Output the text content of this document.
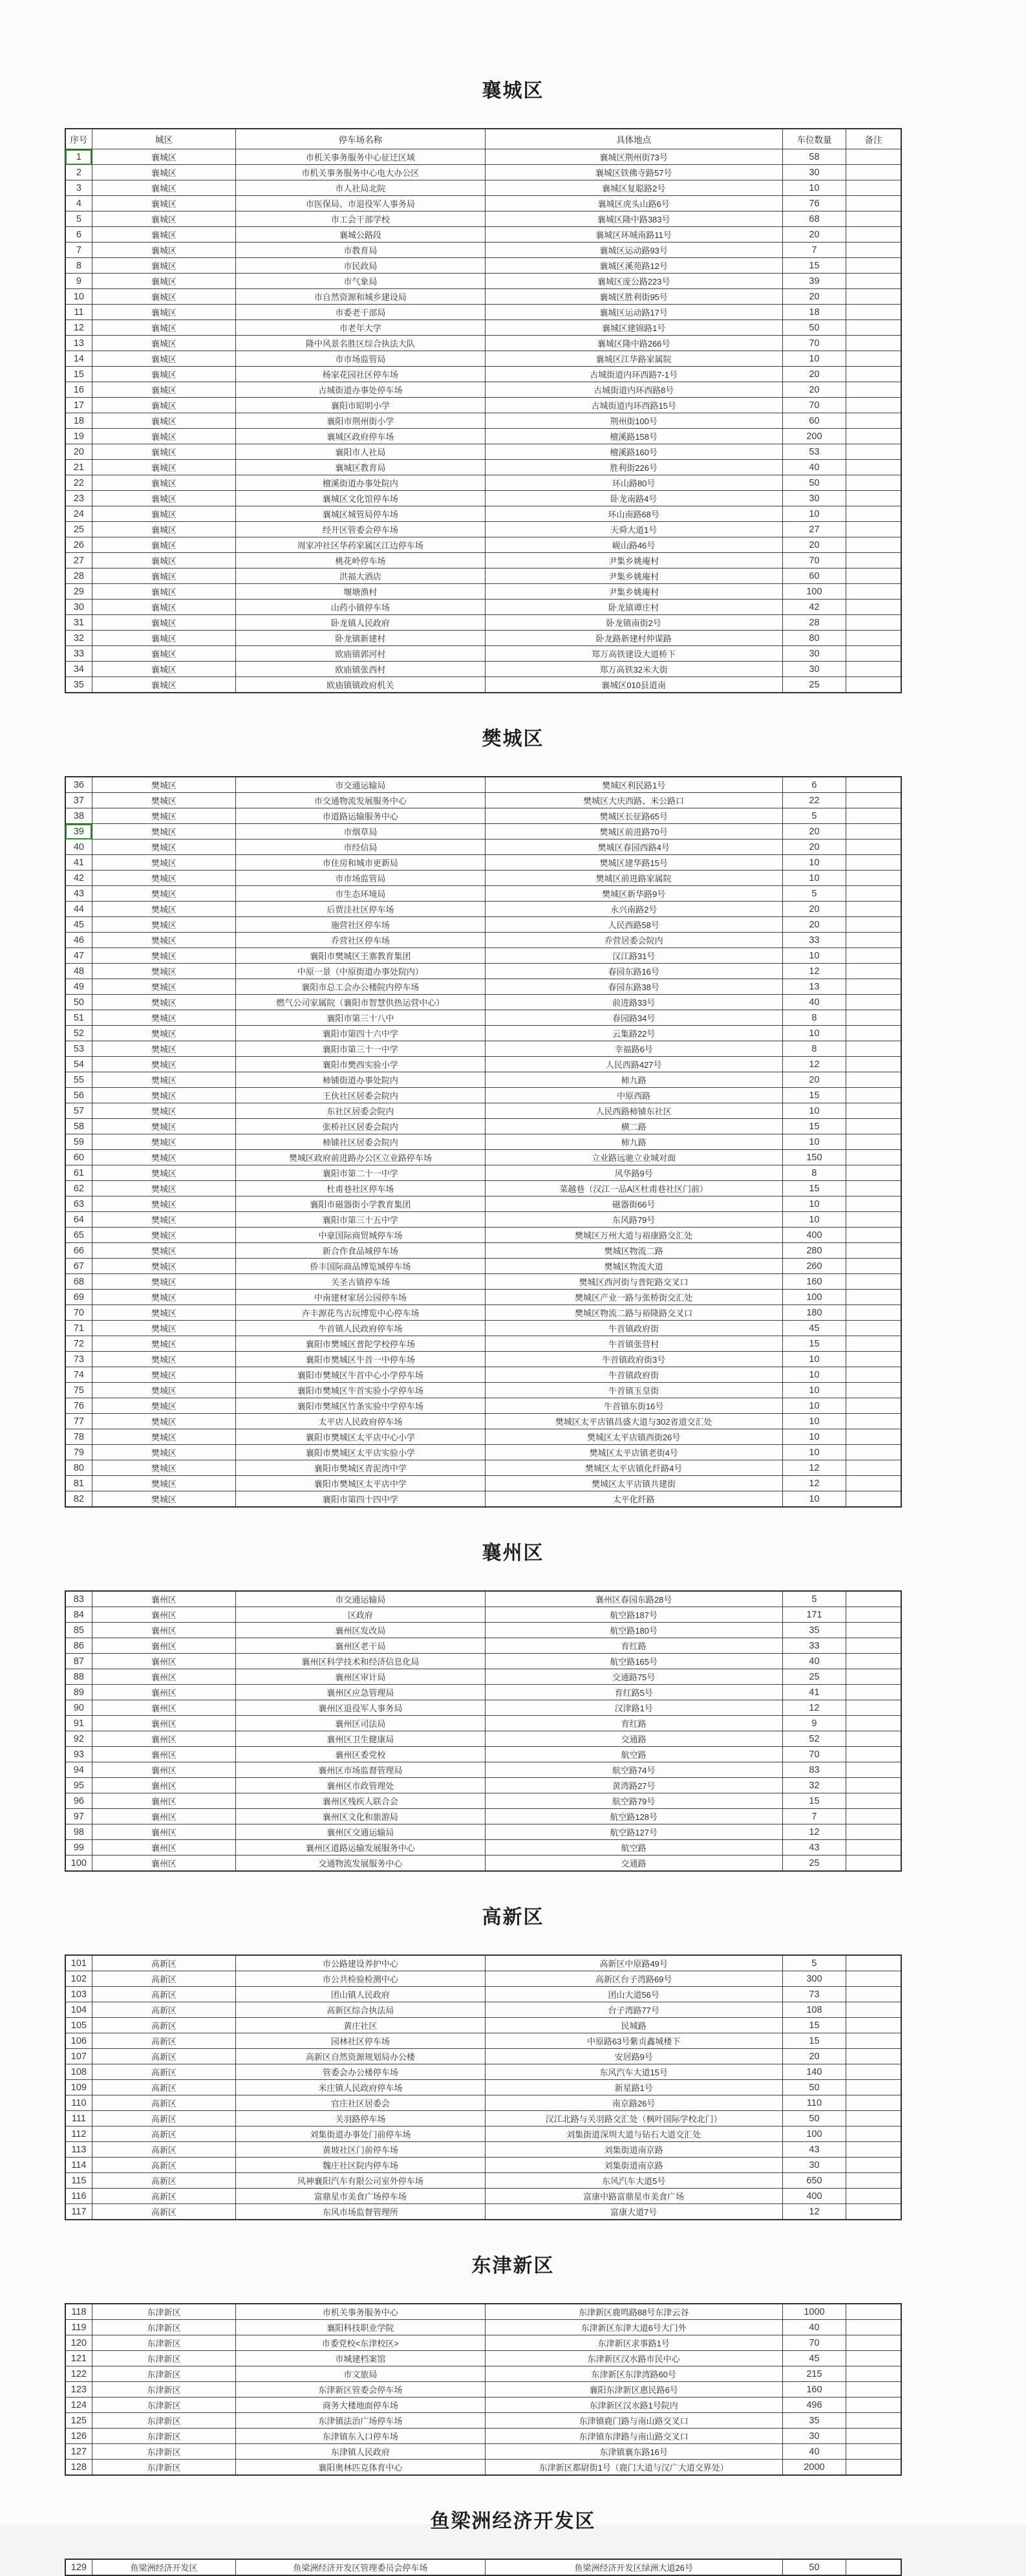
襄城区
序号	城区	停车场名称	具体地点	车位数量	备注
1	襄城区	市机关事务服务中心征迁区域	襄城区荆州街73号	58	
2	襄城区	市机关事务服务中心电大办公区	襄城区铁佛寺路57号	30	
3	襄城区	市人社局北院	襄城区复聪路2号	10	
4	襄城区	市医保局、市退役军人事务局	襄城区虎头山路6号	76	
5	襄城区	市工会干部学校	襄城区隆中路383号	68	
6	襄城区	襄城公路段	襄城区环城南路11号	20	
7	襄城区	市教育局	襄城区运动路93号	7	
8	襄城区	市民政局	襄城区溪苑路12号	15	
9	襄城区	市气象局	襄城区庞公路223号	39	
10	襄城区	市自然资源和城乡建设局	襄城区胜利街95号	20	
11	襄城区	市委老干部局	襄城区运动路17号	18	
12	襄城区	市老年大学	襄城区建锦路1号	50	
13	襄城区	隆中风景名胜区综合执法大队	襄城区隆中路266号	70	
14	襄城区	市市场监管局	襄城区江华路家属院	10	
15	襄城区	杨家花园社区停车场	古城街道内环西路7-1号	20	
16	襄城区	古城街道办事处停车场	古城街道内环西路8号	20	
17	襄城区	襄阳市昭明小学	古城街道内环西路15号	70	
18	襄城区	襄阳市荆州街小学	荆州街100号	60	
19	襄城区	襄城区政府停车场	檀溪路158号	200	
20	襄城区	襄阳市人社局	檀溪路160号	53	
21	襄城区	襄城区教育局	胜利街226号	40	
22	襄城区	檀溪街道办事处院内	环山路80号	50	
23	襄城区	襄城区文化馆停车场	卧龙南路4号	30	
24	襄城区	襄城区城管局停车场	环山南路68号	10	
25	襄城区	经开区管委会停车场	天舜大道1号	27	
26	襄城区	周家冲社区华药家属区江边停车场	岘山路46号	20	
27	襄城区	桃花岭停车场	尹集乡姚庵村	70	
28	襄城区	洪福大酒店	尹集乡姚庵村	60	
29	襄城区	堰塘渔村	尹集乡姚庵村	100	
30	襄城区	山药小镇停车场	卧龙镇谭庄村	42	
31	襄城区	卧龙镇人民政府	卧龙镇南街2号	28	
32	襄城区	卧龙镇新建村	卧龙路新建村仲谋路	80	
33	襄城区	欧庙镇郭河村	郑万高铁建设大道桥下	30	
34	襄城区	欧庙镇张西村	郑万高铁32米大街	30	
35	襄城区	欧庙镇镇政府机关	襄城区010县道南	25	
樊城区
36	樊城区	市交通运输局	樊城区利民路1号	6	
37	樊城区	市交通物流发展服务中心	樊城区大庆西路、米公路口	22	
38	樊城区	市道路运输服务中心	樊城区长征路65号	5	
39	樊城区	市烟草局	樊城区前进路70号	20	
40	樊城区	市经信局	樊城区春园西路4号	20	
41	樊城区	市住房和城市更新局	樊城区建华路15号	10	
42	樊城区	市市场监管局	樊城区前进路家属院	10	
43	樊城区	市生态环境局	樊城区新华路9号	5	
44	樊城区	后贾洼社区停车场	永兴南路2号	20	
45	樊城区	施营社区停车场	人民西路58号	20	
46	樊城区	乔营社区停车场	乔营居委会院内	33	
47	樊城区	襄阳市樊城区王寨教育集团	汉江路31号	10	
48	樊城区	中原一景（中原街道办事处院内）	春园东路16号	12	
49	樊城区	襄阳市总工会办公楼院内停车场	春园东路38号	13	
50	樊城区	燃气公司家属院（襄阳市智慧供热运营中心）	前进路33号	40	
51	樊城区	襄阳市第三十八中	春园路34号	8	
52	樊城区	襄阳市第四十六中学	云集路22号	10	
53	樊城区	襄阳市第三十一中学	幸福路6号	8	
54	樊城区	襄阳市樊西实验小学	人民西路427号	12	
55	樊城区	柿铺街道办事处院内	柿九路	20	
56	樊城区	王伙社区居委会院内	中原西路	15	
57	樊城区	东社区居委会院内	人民西路柿铺东社区	10	
58	樊城区	张桥社区居委会院内	横二路	15	
59	樊城区	柿铺社区居委会院内	柿九路	10	
60	樊城区	樊城区政府前进路办公区立业路停车场	立业路远驰立业城对面	150	
61	樊城区	襄阳市第二十一中学	风华路9号	8	
62	樊城区	杜甫巷社区停车场	菜越巷（汉江一品A区杜甫巷社区门前）	15	
63	樊城区	襄阳市磁器街小学教育集团	磁器街66号	10	
64	樊城区	襄阳市第三十五中学	东风路79号	10	
65	樊城区	中豪国际商贸城停车场	樊城区万州大道与裕康路交汇处	400	
66	樊城区	新合作食品城停车场	樊城区物流二路	280	
67	樊城区	侨丰国际商品博览城停车场	樊城区物流大道	260	
68	樊城区	关圣古镇停车场	樊城区西河街与普陀路交叉口	160	
69	樊城区	中南建材家居公园停车场	樊城区产业一路与张桥街交汇处	100	
70	樊城区	卉丰源花鸟古玩博览中心停车场	樊城区物流二路与裕隆路交叉口	180	
71	樊城区	牛首镇人民政府停车场	牛首镇政府街	45	
72	樊城区	襄阳市樊城区普陀学校停车场	牛首镇张营村	15	
73	樊城区	襄阳市樊城区牛首一中停车场	牛首镇政府街3号	10	
74	樊城区	襄阳市樊城区牛首中心小学停车场	牛首镇政府街	10	
75	樊城区	襄阳市樊城区牛首实验小学停车场	牛首镇玉皇街	10	
76	樊城区	襄阳市樊城区竹条实验中学停车场	牛首镇东街16号	10	
77	樊城区	太平店人民政府停车场	樊城区太平店镇昌盛大道与302省道交汇处	10	
78	樊城区	襄阳市樊城区太平店中心小学	樊城区太平店镇西街26号	10	
79	樊城区	襄阳市樊城区太平店实验小学	樊城区太平店镇老街4号	10	
80	樊城区	襄阳市樊城区青泥湾中学	樊城区太平店镇化纤路4号	12	
81	樊城区	襄阳市樊城区太平店中学	樊城区太平店镇共建街	12	
82	樊城区	襄阳市第四十四中学	太平化纤路	10	
襄州区
83	襄州区	市交通运输局	襄州区春园东路28号	5	
84	襄州区	区政府	航空路187号	171	
85	襄州区	襄州区发改局	航空路180号	35	
86	襄州区	襄州区老干局	育红路	33	
87	襄州区	襄州区科学技术和经济信息化局	航空路165号	40	
88	襄州区	襄州区审计局	交通路75号	25	
89	襄州区	襄州区应急管理局	育红路5号	41	
90	襄州区	襄州区退役军人事务局	汉津路1号	12	
91	襄州区	襄州区司法局	育红路	9	
92	襄州区	襄州区卫生健康局	交通路	52	
93	襄州区	襄州区委党校	航空路	70	
94	襄州区	襄州区市场监督管理局	航空路74号	83	
95	襄州区	襄州区市政管理处	黄湾路27号	32	
96	襄州区	襄州区残疾人联合会	航空路79号	15	
97	襄州区	襄州区文化和旅游局	航空路128号	7	
98	襄州区	襄州区交通运输局	航空路127号	12	
99	襄州区	襄州区道路运输发展服务中心	航空路	43	
100	襄州区	交通物流发展服务中心	交通路	25	
高新区
101	高新区	市公路建设养护中心	高新区中原路49号	5	
102	高新区	市公共检验检测中心	高新区台子湾路69号	300	
103	高新区	团山镇人民政府	团山大道56号	73	
104	高新区	高新区综合执法局	台子湾路77号	108	
105	高新区	黄庄社区	民城路	15	
106	高新区	园林社区停车场	中原路63号紫贞鑫城楼下	15	
107	高新区	高新区自然资源规划局办公楼	安居路9号	20	
108	高新区	管委会办公楼停车场	东风汽车大道15号	140	
109	高新区	米庄镇人民政府停车场	新星路1号	50	
110	高新区	官庄社区居委会	南京路26号	110	
111	高新区	关羽路停车场	汉江北路与关羽路交汇处（枫叶国际学校北门）	50	
112	高新区	刘集街道办事处门前停车场	刘集街道深圳大道与钻石大道交汇处	100	
113	高新区	黄坡社区门前停车场	刘集街道南京路	43	
114	高新区	魏庄社区院内停车场	刘集街道南京路	30	
115	高新区	风神襄阳汽车有限公司室外停车场	东风汽车大道5号	650	
116	高新区	富鼎星市美食广场停车场	富康中路富鼎星市美食广场	400	
117	高新区	东风市场监督管理所	富康大道7号	12	
东津新区
118	东津新区	市机关事务服务中心	东津新区鹿鸣路88号东津云谷	1000	
119	东津新区	襄阳科技职业学院	东津新区东津大道6号大门外	40	
120	东津新区	市委党校<东津校区>	东津新区求事路1号	70	
121	东津新区	市城建档案馆	东津新区汉水路市民中心	45	
122	东津新区	市文旅局	东津新区东津湾路60号	215	
123	东津新区	东津新区管委会停车场	襄阳东津新区惠民路6号	160	
124	东津新区	商务大楼地面停车场	东津新区汉水路1号院内	496	
125	东津新区	东津镇法治广场停车场	东津镇鹿门路与南山路交叉口	35	
126	东津新区	东津镇东入口停车场	东津镇东津路与南山路交叉口	30	
127	东津新区	东津镇人民政府	东津镇襄东路16号	40	
128	东津新区	襄阳奥林匹克体育中心	东津新区都尉街1号（鹿门大道与汉广大道交界处）	2000	
鱼梁洲经济开发区
129	鱼梁洲经济开发区	鱼梁洲经济开发区管理委员会停车场	鱼梁洲经济开发区绿洲大道26号	50	
